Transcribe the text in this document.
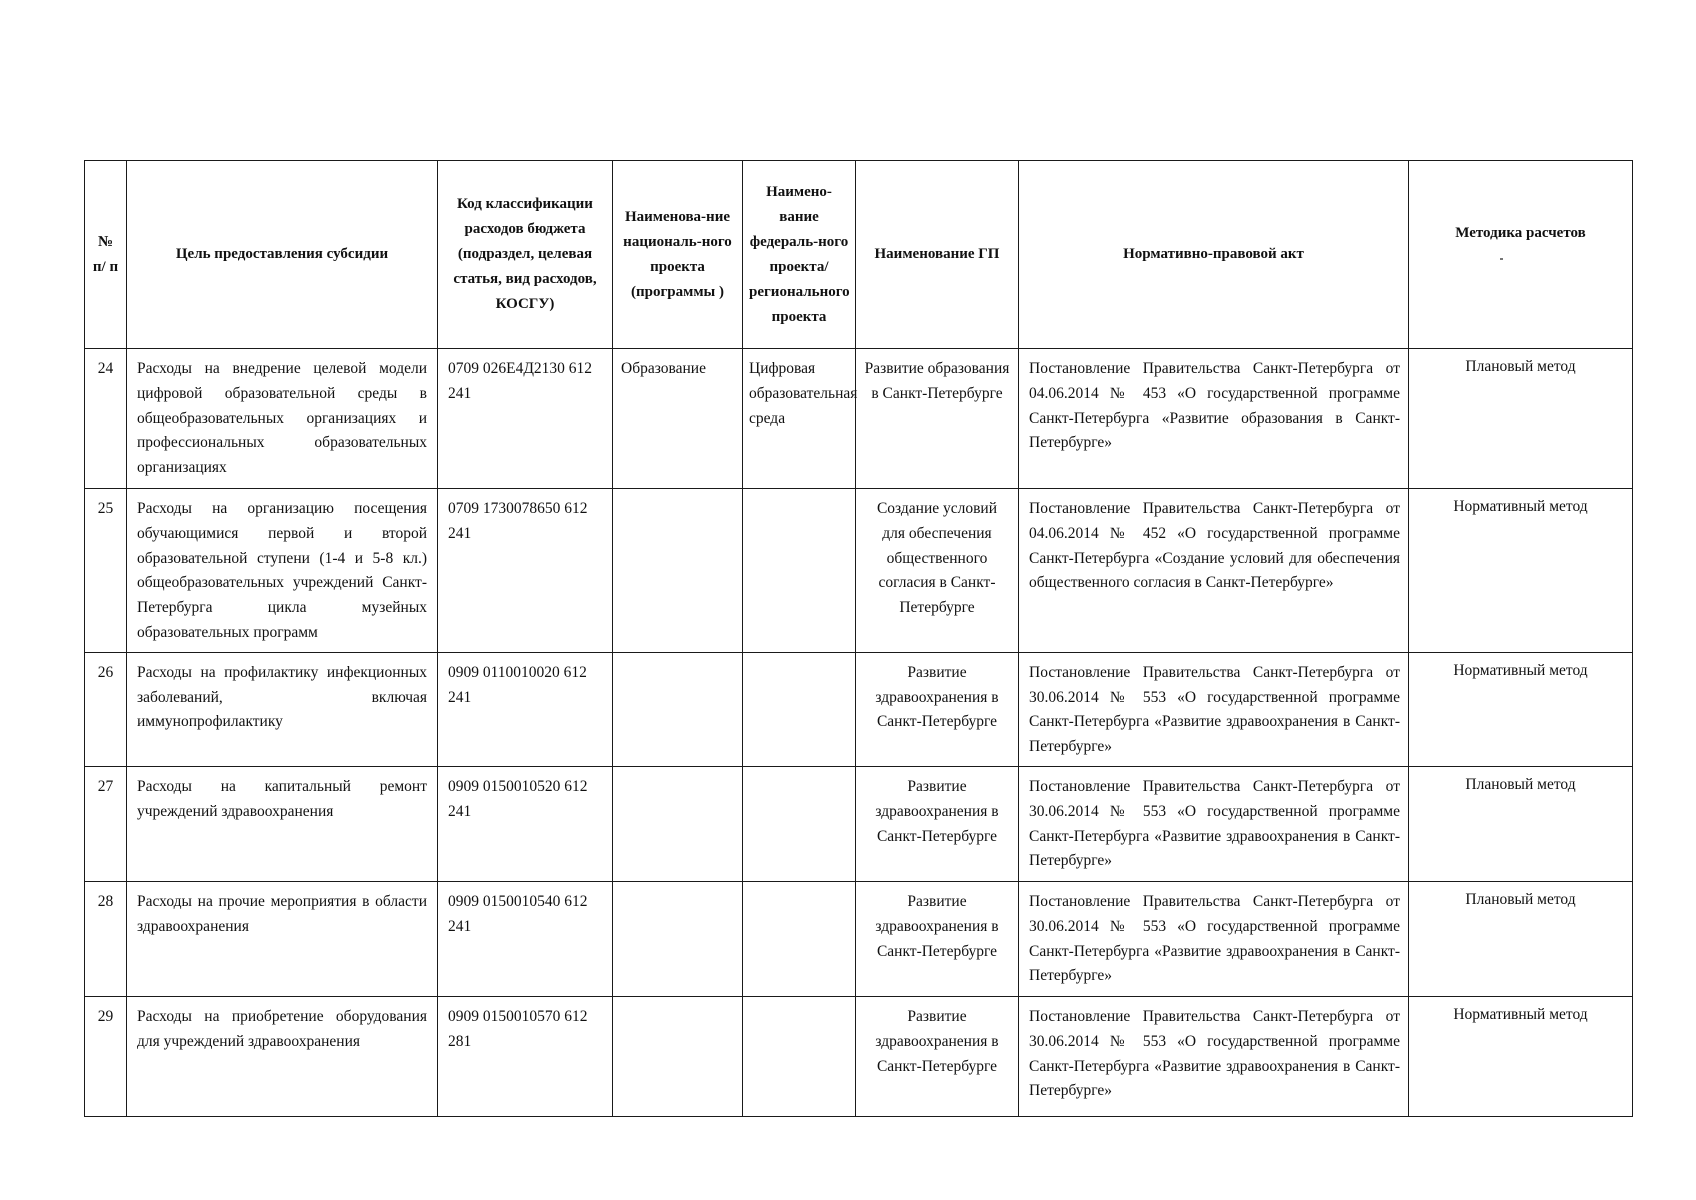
№ п/ п	Цель предоставления субсидии	Код классификации расходов бюджета (подраздел, целевая статья, вид расходов, КОСГУ)	Наименова-ние националь-ного проекта (программы )	Наимено-вание федераль-ного проекта/ регионального проекта	Наименование ГП	Нормативно-правовой акт	Методика расчетов
24	Расходы на внедрение целевой модели цифровой образовательной среды в общеобразовательных организациях и профессиональных образовательных организациях	0709 026Е4Д2130 612 241	Образование	Цифровая образовательная среда	Развитие образования в Санкт-Петербурге	Постановление Правительства Санкт-Петербурга от 04.06.2014 № 453 «О государственной программе Санкт-Петербурга «Развитие образования в Санкт-Петербурге»	Плановый метод
25	Расходы на организацию посещения обучающимися первой и второй образовательной ступени (1-4 и 5-8 кл.) общеобразовательных учреждений Санкт-Петербурга цикла музейных образовательных программ	0709 1730078650 612 241			Создание условий для обеспечения общественного согласия в Санкт-Петербурге	Постановление Правительства Санкт-Петербурга от 04.06.2014 № 452 «О государственной программе Санкт-Петербурга «Создание условий для обеспечения общественного согласия в Санкт-Петербурге»	Нормативный метод
26	Расходы на профилактику инфекционных заболеваний, включая иммунопрофилактику	0909 0110010020 612 241			Развитие здравоохранения в Санкт-Петербурге	Постановление Правительства Санкт-Петербурга от 30.06.2014 № 553 «О государственной программе Санкт-Петербурга «Развитие здравоохранения в Санкт-Петербурге»	Нормативный метод
27	Расходы на капитальный ремонт учреждений здравоохранения	0909 0150010520 612 241			Развитие здравоохранения в Санкт-Петербурге	Постановление Правительства Санкт-Петербурга от 30.06.2014 № 553 «О государственной программе Санкт-Петербурга «Развитие здравоохранения в Санкт-Петербурге»	Плановый метод
28	Расходы на прочие мероприятия в области здравоохранения	0909 0150010540 612 241			Развитие здравоохранения в Санкт-Петербурге	Постановление Правительства Санкт-Петербурга от 30.06.2014 № 553 «О государственной программе Санкт-Петербурга «Развитие здравоохранения в Санкт-Петербурге»	Плановый метод
29	Расходы на приобретение оборудования для учреждений здравоохранения	0909 0150010570 612 281			Развитие здравоохранения в Санкт-Петербурге	Постановление Правительства Санкт-Петербурга от 30.06.2014 № 553 «О государственной программе Санкт-Петербурга «Развитие здравоохранения в Санкт-Петербурге»	Нормативный метод
